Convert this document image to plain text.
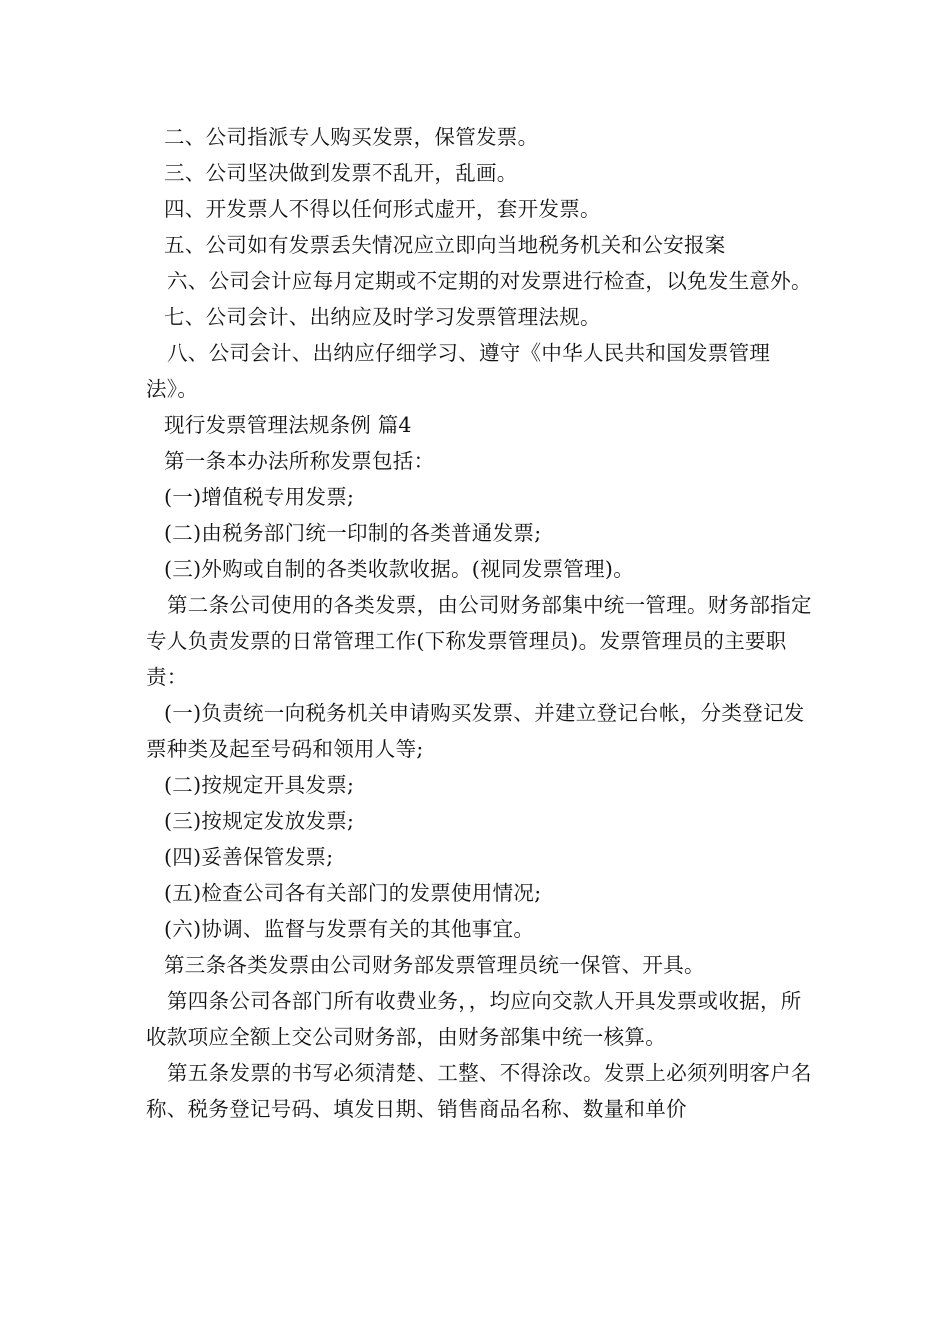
二、公司指派专人购买发票，保管发票。

三、公司坚决做到发票不乱开，乱画。

四、开发票人不得以任何形式虚开，套开发票。

五、公司如有发票丢失情况应立即向当地税务机关和公安报案

六、公司会计应每月定期或不定期的对发票进行检查，以免发生意外。

七、公司会计、出纳应及时学习发票管理法规。

八、公司会计、出纳应仔细学习、遵守《中华人民共和国发票管理法》。

现行发票管理法规条例 篇4

第一条本办法所称发票包括：

(一)增值税专用发票;

(二)由税务部门统一印制的各类普通发票;

(三)外购或自制的各类收款收据。(视同发票管理)。

第二条公司使用的各类发票，由公司财务部集中统一管理。财务部指定专人负责发票的日常管理工作(下称发票管理员)。发票管理员的主要职责：

(一)负责统一向税务机关申请购买发票、并建立登记台帐，分类登记发票种类及起至号码和领用人等;

(二)按规定开具发票;

(三)按规定发放发票;

(四)妥善保管发票;

(五)检查公司各有关部门的发票使用情况;

(六)协调、监督与发票有关的其他事宜。

第三条各类发票由公司财务部发票管理员统一保管、开具。

第四条公司各部门所有收费业务，，均应向交款人开具发票或收据，所收款项应全额上交公司财务部，由财务部集中统一核算。

第五条发票的书写必须清楚、工整、不得涂改。发票上必须列明客户名称、税务登记号码、填发日期、销售商品名称、数量和单价
